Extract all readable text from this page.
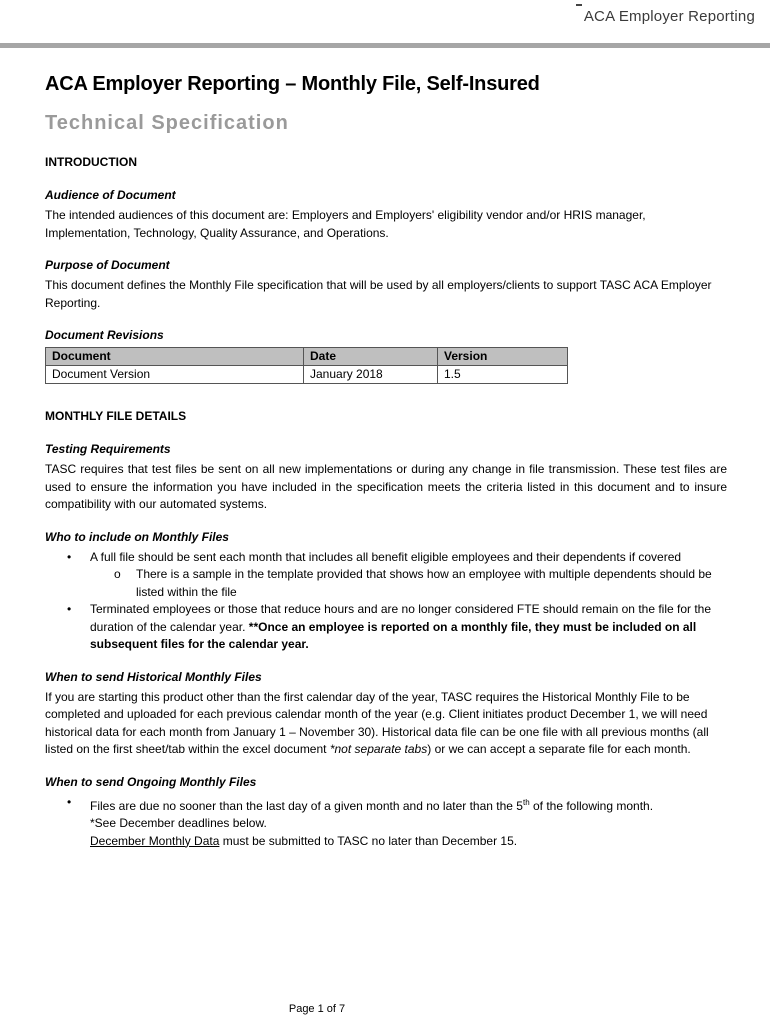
ACA Employer Reporting
ACA Employer Reporting – Monthly File, Self-Insured
Technical Specification
INTRODUCTION
Audience of Document

The intended audiences of this document are: Employers and Employers' eligibility vendor and/or HRIS manager, Implementation, Technology, Quality Assurance, and Operations.

Purpose of Document

This document defines the Monthly File specification that will be used by all employers/clients to support TASC ACA Employer Reporting.

Document Revisions
Document	Date	Version
Document Version	January 2018	1.5
MONTHLY FILE DETAILS
Testing Requirements

TASC requires that test files be sent on all new implementations or during any change in file transmission. These test files are used to ensure the information you have included in the specification meets the criteria listed in this document and to insure compatibility with our automated systems.

Who to include on Monthly Files
• A full file should be sent each month that includes all benefit eligible employees and their dependents if covered
o There is a sample in the template provided that shows how an employee with multiple dependents should be listed within the file
• Terminated employees or those that reduce hours and are no longer considered FTE should remain on the file for the duration of the calendar year. **Once an employee is reported on a monthly file, they must be included on all subsequent files for the calendar year.
When to send Historical Monthly Files

If you are starting this product other than the first calendar day of the year, TASC requires the Historical Monthly File to be completed and uploaded for each previous calendar month of the year (e.g. Client initiates product December 1, we will need historical data for each month from January 1 – November 30). Historical data file can be one file with all previous months (all listed on the first sheet/tab within the excel document *not separate tabs) or we can accept a separate file for each month.

When to send Ongoing Monthly Files
• Files are due no sooner than the last day of a given month and no later than the 5th of the following month.
*See December deadlines below.
December Monthly Data must be submitted to TASC no later than December 15.
Page 1 of 7
